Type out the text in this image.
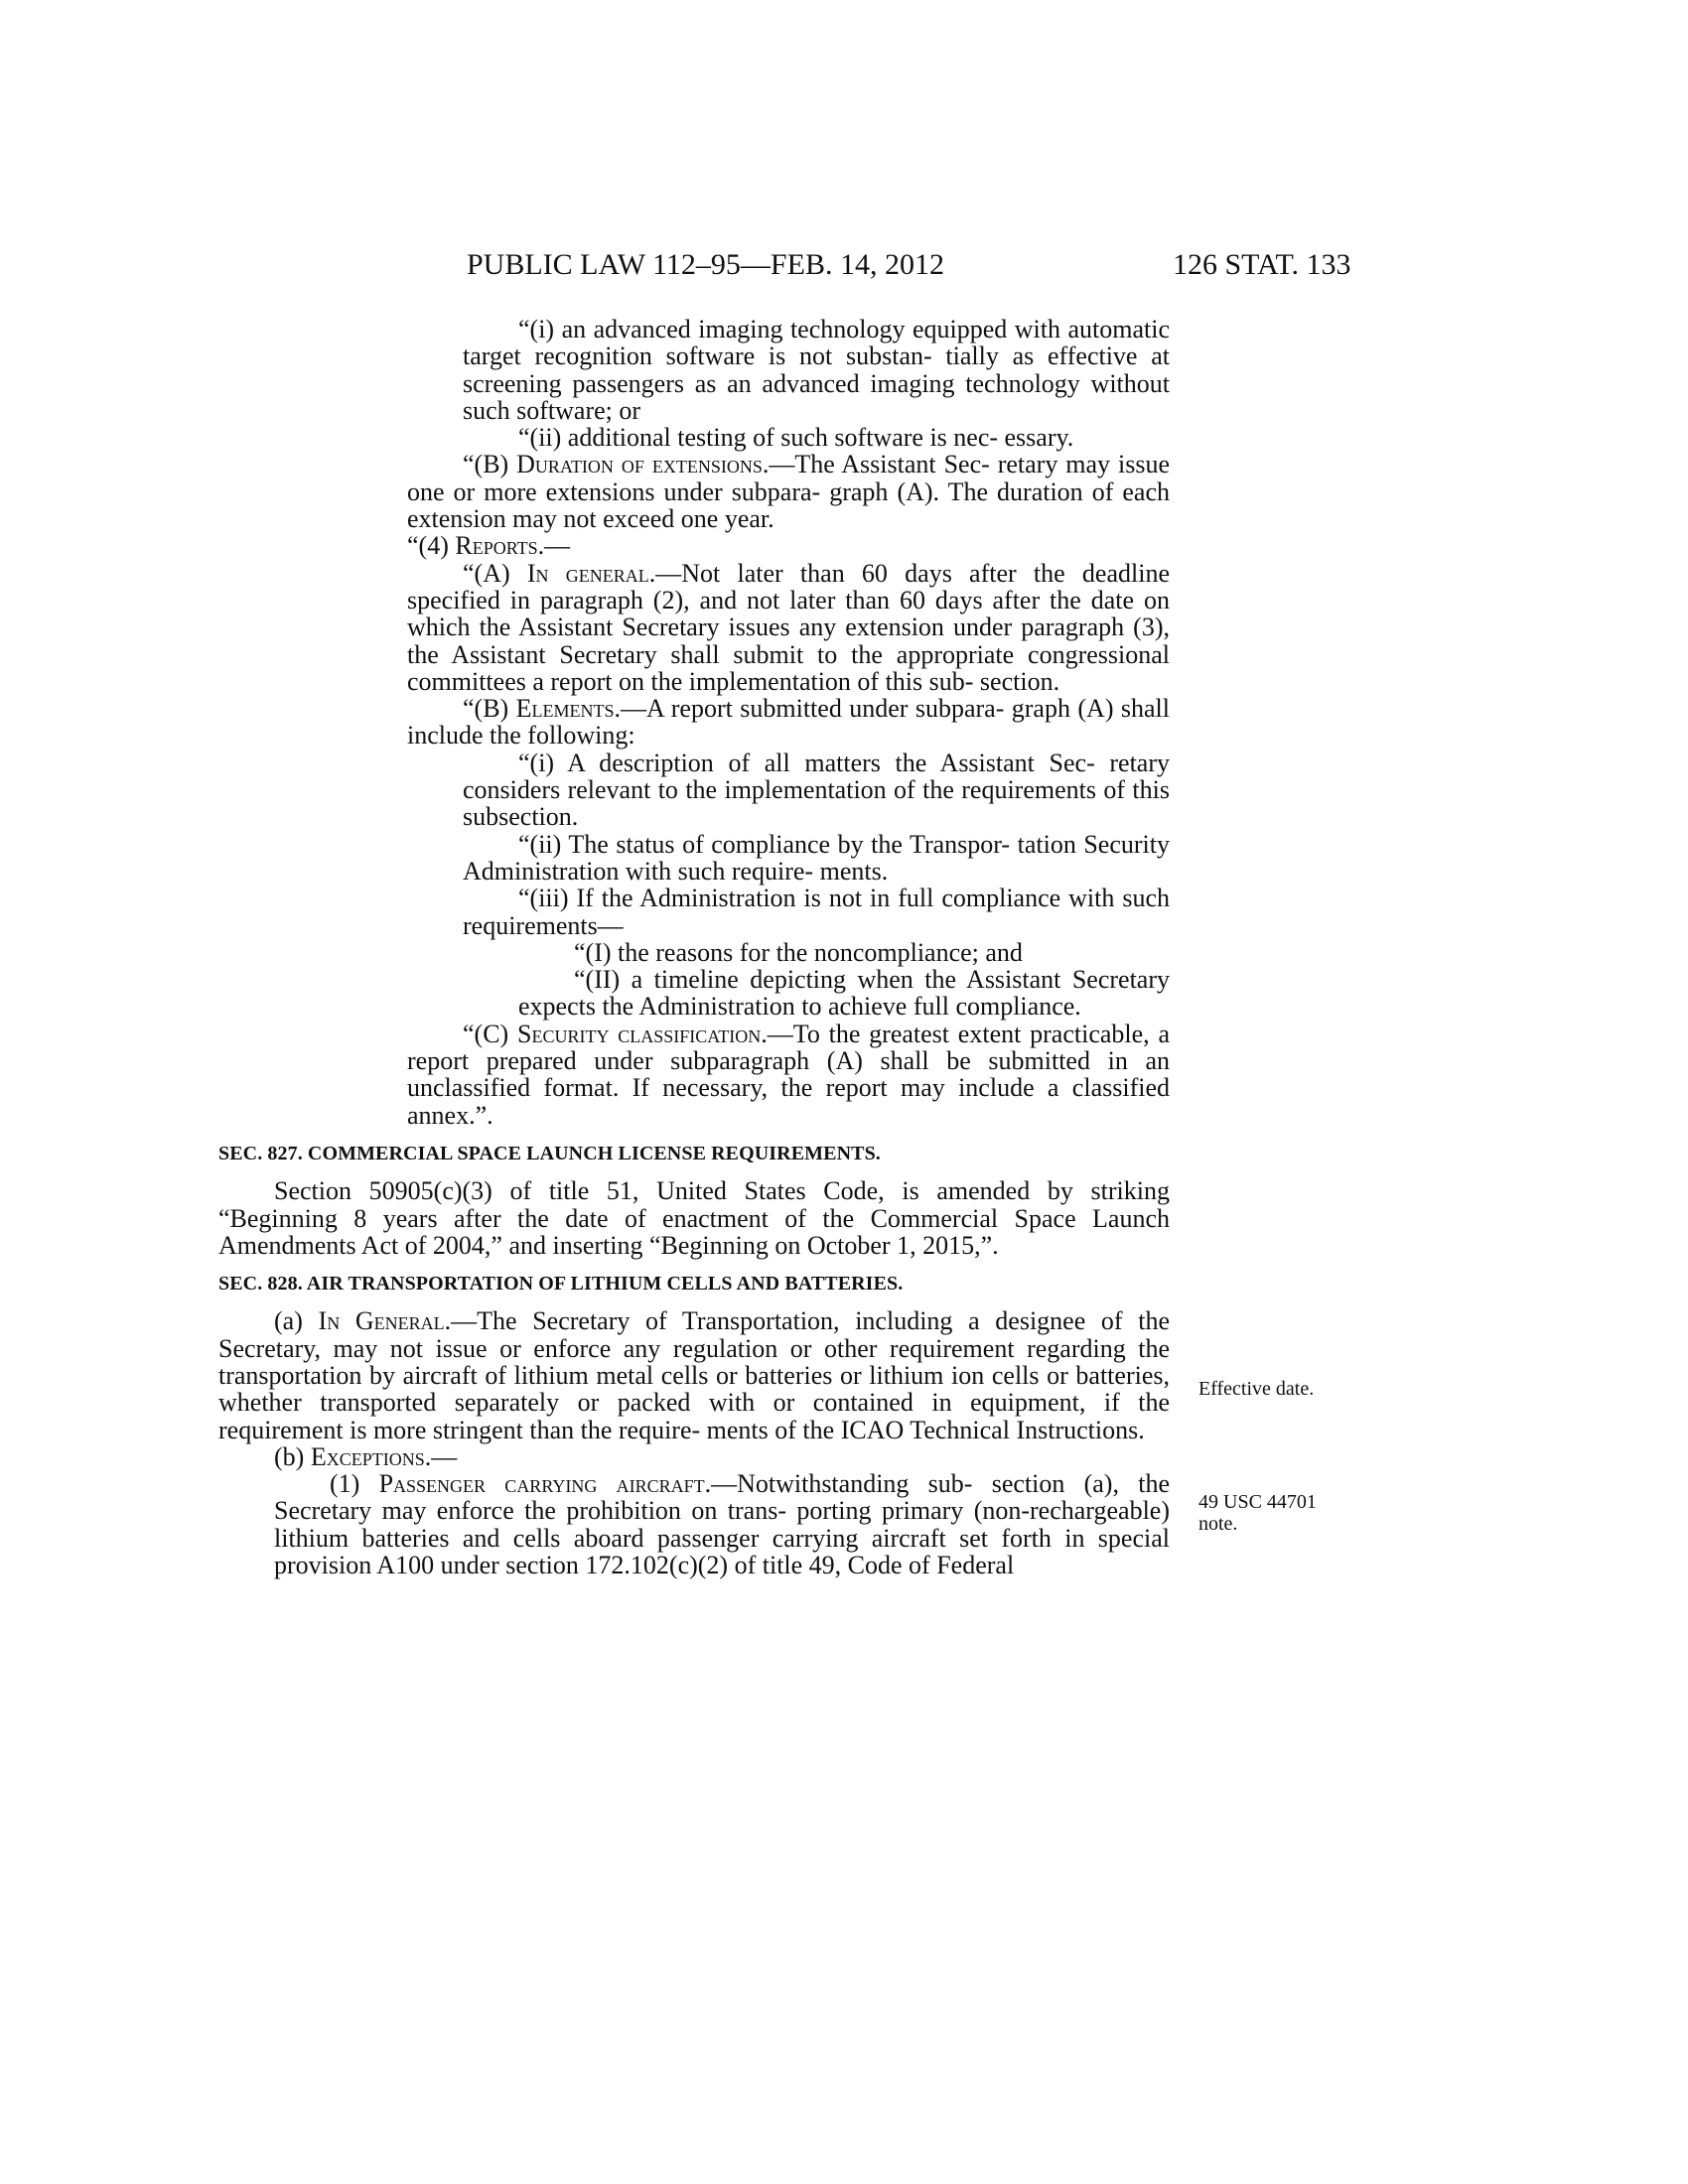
PUBLIC LAW 112–95—FEB. 14, 2012	126 STAT. 133

“(i) an advanced imaging technology equipped with automatic target recognition software is not substan- tially as effective at screening passengers as an advanced imaging technology without such software; or

“(ii) additional testing of such software is nec- essary.

“(B) Duration of extensions.—The Assistant Sec- retary may issue one or more extensions under subpara- graph (A). The duration of each extension may not exceed one year.

“(4) Reports.—

“(A) In general.—Not later than 60 days after the deadline specified in paragraph (2), and not later than 60 days after the date on which the Assistant Secretary issues any extension under paragraph (3), the Assistant Secretary shall submit to the appropriate congressional committees a report on the implementation of this sub- section.

“(B) Elements.—A report submitted under subpara- graph (A) shall include the following:

“(i) A description of all matters the Assistant Sec- retary considers relevant to the implementation of the requirements of this subsection.

“(ii) The status of compliance by the Transpor- tation Security Administration with such require- ments.

“(iii) If the Administration is not in full compliance with such requirements—

“(I) the reasons for the noncompliance; and

“(II) a timeline depicting when the Assistant Secretary expects the Administration to achieve full compliance.

“(C) Security classification.—To the greatest extent practicable, a report prepared under subparagraph (A) shall be submitted in an unclassified format. If necessary, the report may include a classified annex.”.

SEC. 827. COMMERCIAL SPACE LAUNCH LICENSE REQUIREMENTS.

Section 50905(c)(3) of title 51, United States Code, is amended by striking “Beginning 8 years after the date of enactment of the Commercial Space Launch Amendments Act of 2004,” and inserting “Beginning on October 1, 2015,”.

SEC. 828. AIR TRANSPORTATION OF LITHIUM CELLS AND BATTERIES.

(a) In General.—The Secretary of Transportation, including a designee of the Secretary, may not issue or enforce any regulation or other requirement regarding the transportation by aircraft of lithium metal cells or batteries or lithium ion cells or batteries, whether transported separately or packed with or contained in equipment, if the requirement is more stringent than the require- ments of the ICAO Technical Instructions.

(b) Exceptions.—

(1) Passenger carrying aircraft.—Notwithstanding sub- section (a), the Secretary may enforce the prohibition on trans- porting primary (non-rechargeable) lithium batteries and cells aboard passenger carrying aircraft set forth in special provision A100 under section 172.102(c)(2) of title 49, Code of Federal

Effective date.
49 USC 44701
note.
